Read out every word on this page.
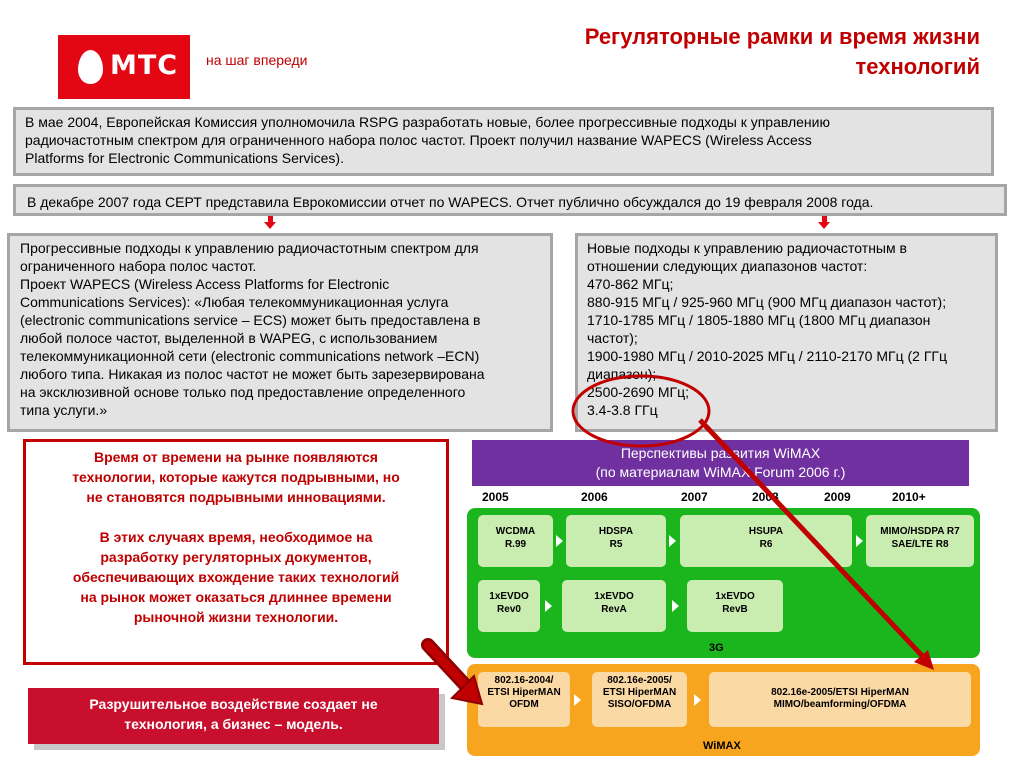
МТС на шаг впереди
Регуляторные рамки и время жизни технологий
В мае 2004, Европейская Комиссия уполномочила RSPG разработать новые, более прогрессивные подходы к управлению
радиочастотным спектром для ограниченного набора полос частот. Проект получил название WAPECS (Wireless Access
Platforms for Electronic Communications Services).
В декабре 2007 года СЕРТ представила Еврокомиссии отчет по WAPECS. Отчет публично обсуждался до 19 февраля 2008 года.
Прогрессивные подходы к управлению радиочастотным спектром для
ограниченного набора полос частот.
Проект WAPECS (Wireless Access Platforms for Electronic
Communications Services): «Любая телекоммуникационная услуга
(electronic communications service – ECS) может быть предоставлена в
любой полосе частот, выделенной в WAPEG, с использованием
телекоммуникационной сети (electronic communications network –ECN)
любого типа. Никакая из полос частот не может быть зарезервирована
на эксклюзивной основе только под предоставление определенного
типа услуги.»
Новые подходы к управлению радиочастотным в
отношении следующих диапазонов частот:
470-862 МГц;
880-915 МГц / 925-960 МГц (900 МГц диапазон частот);
1710-1785 МГц / 1805-1880 МГц (1800 МГц диапазон
частот);
1900-1980 МГц / 2010-2025 МГц / 2110-2170 МГц (2 ГГц
диапазон);
2500-2690 МГц;
3.4-3.8 ГГц
Время от времени на рынке появляются
технологии, которые кажутся подрывными, но
не становятся подрывными инновациями.
В этих случаях время, необходимое на
разработку регуляторных документов,
обеспечивающих вхождение таких технологий
на рынок может оказаться длиннее времени
рыночной жизни технологии.
Разрушительное воздействие создает не
технология, а бизнес – модель.
Перспективы развития WiMAX
(по материалам WiMAX Forum 2006 г.)
2005	2006	2007	2008	2009	2010+
3G
WCDMA
R.99
HDSPA
R5
HSUPA
R6
MIMO/HSDPA R7
SAE/LTE R8
1xEVDO
Rev0
1xEVDO
RevA
1xEVDO
RevB
WiMAX
802.16-2004/
ETSI HiperMAN
OFDM
802.16e-2005/
ETSI HiperMAN
SISO/OFDMA
802.16e-2005/ETSI HiperMAN
MIMO/beamforming/OFDMA
